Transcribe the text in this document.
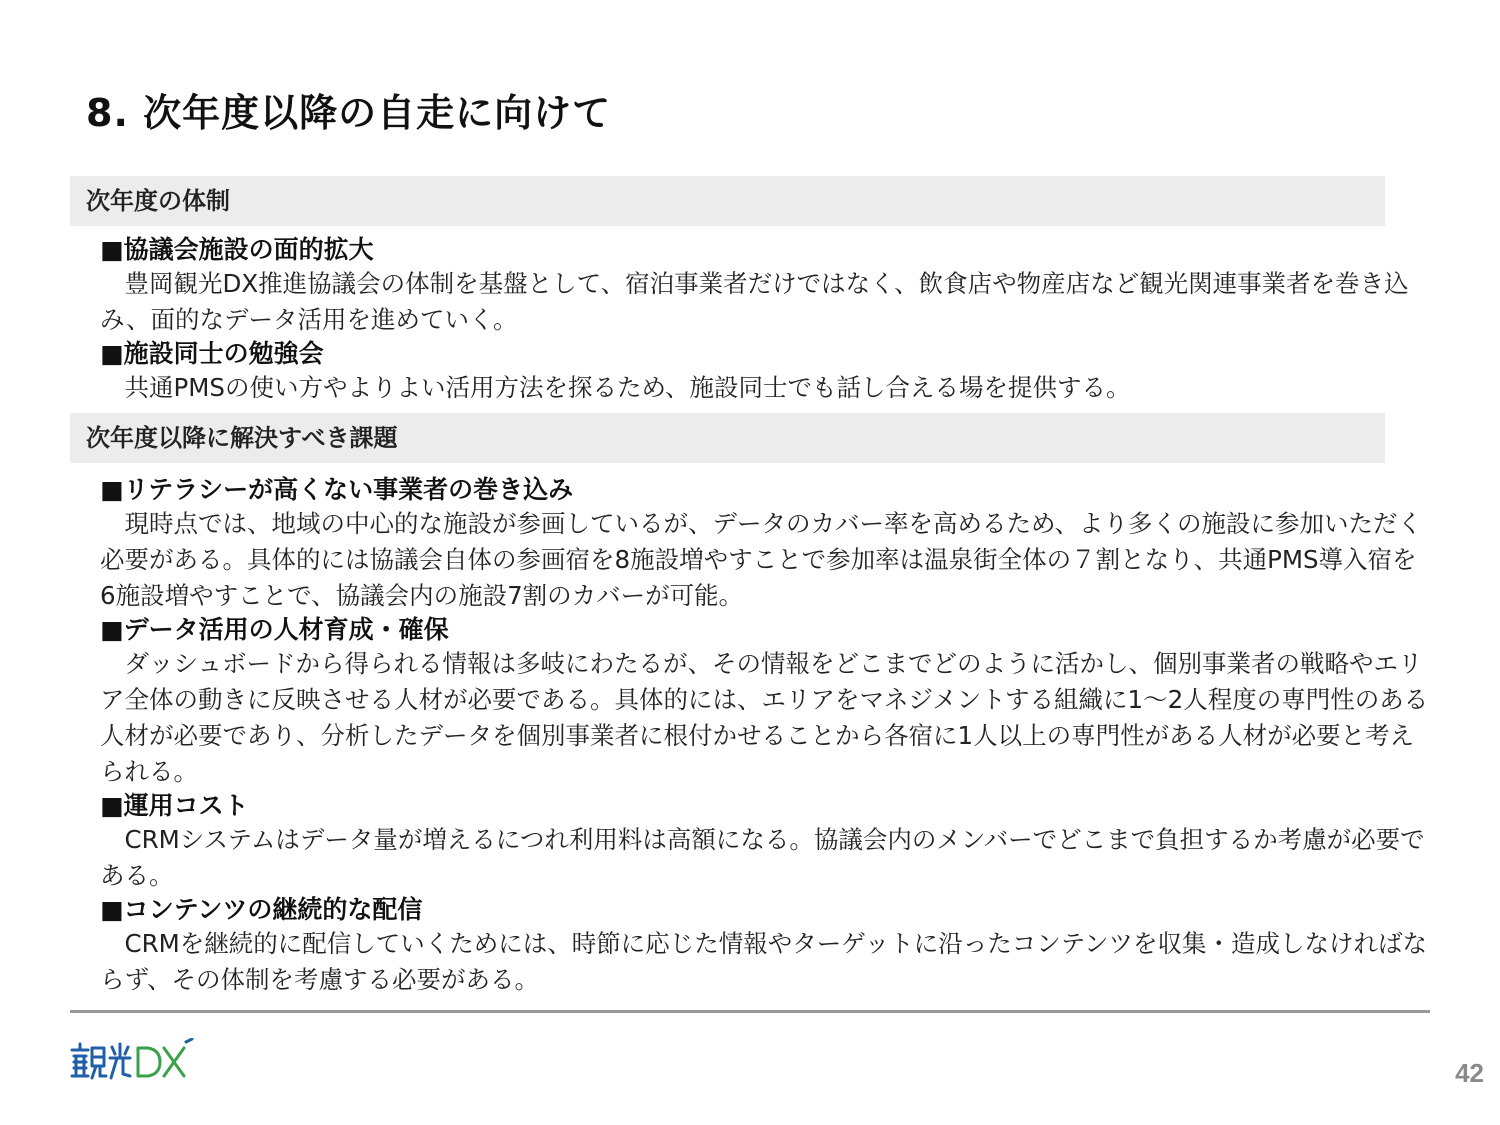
8. 次年度以降の自走に向けて
次年度の体制

■協議会施設の面的拡大

豊岡観光DX推進協議会の体制を基盤として、宿泊事業者だけではなく、飲食店や物産店など観光関連事業者を巻き込み、面的なデータ活用を進めていく。

■施設同士の勉強会

共通PMSの使い方やよりよい活用方法を探るため、施設同士でも話し合える場を提供する。

次年度以降に解決すべき課題

■リテラシーが高くない事業者の巻き込み

現時点では、地域の中心的な施設が参画しているが、データのカバー率を高めるため、より多くの施設に参加いただく必要がある。具体的には協議会自体の参画宿を8施設増やすことで参加率は温泉街全体の７割となり、共通PMS導入宿を6施設増やすことで、協議会内の施設7割のカバーが可能。

■データ活用の人材育成・確保

ダッシュボードから得られる情報は多岐にわたるが、その情報をどこまでどのように活かし、個別事業者の戦略やエリア全体の動きに反映させる人材が必要である。具体的には、エリアをマネジメントする組織に1～2人程度の専門性のある人材が必要であり、分析したデータを個別事業者に根付かせることから各宿に1人以上の専門性がある人材が必要と考えられる。

■運用コスト

CRMシステムはデータ量が増えるにつれ利用料は高額になる。協議会内のメンバーでどこまで負担するか考慮が必要である。

■コンテンツの継続的な配信

CRMを継続的に配信していくためには、時節に応じた情報やターゲットに沿ったコンテンツを収集・造成しなければならず、その体制を考慮する必要がある。

42
